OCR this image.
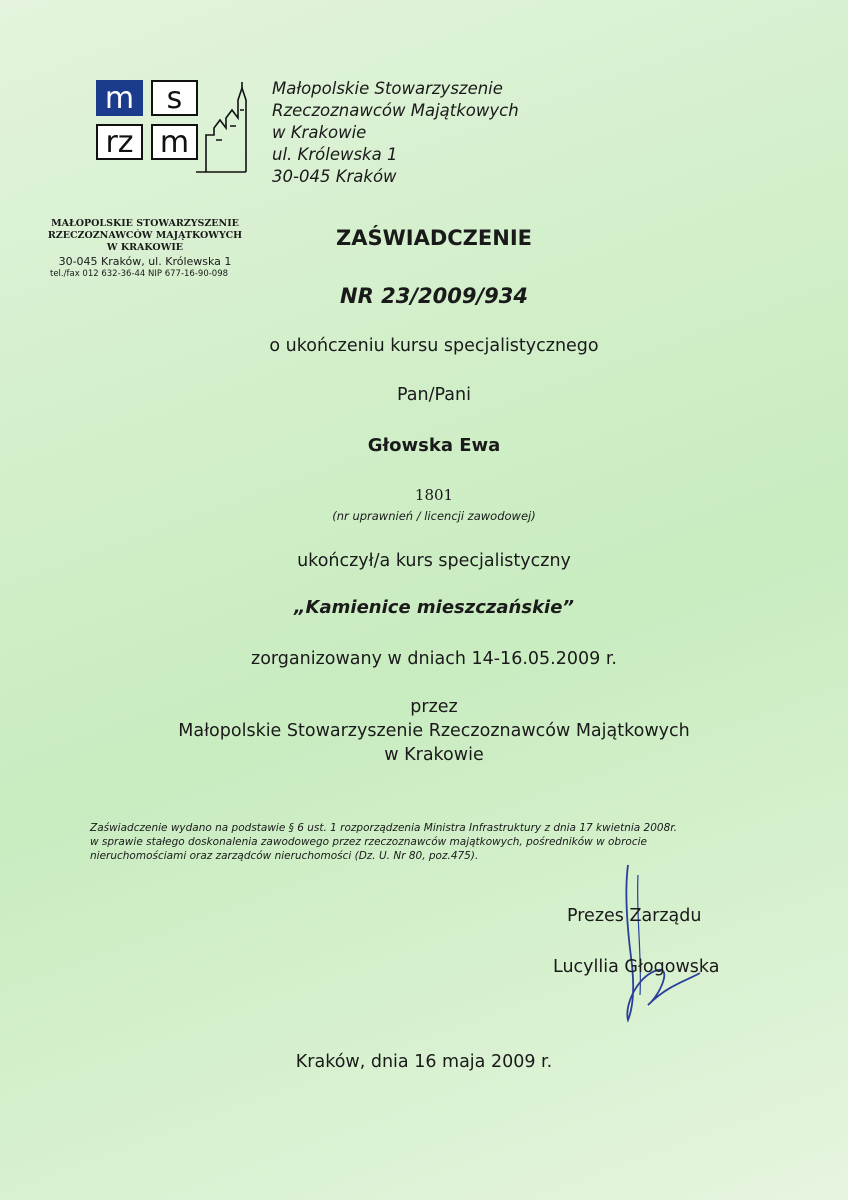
m	s
rz m
Małopolskie Stowarzyszenie
Rzeczoznawców Majątkowych
w Krakowie
ul. Królewska 1
30-045 Kraków
MAŁOPOLSKIE STOWARZYSZENIE
RZECZOZNAWCÓW MAJĄTKOWYCH
W KRAKOWIE
30-045 Kraków, ul. Królewska 1
tel./fax 012 632-36-44 NIP 677-16-90-098
ZAŚWIADCZENIE
NR 23/2009/934
o ukończeniu kursu specjalistycznego
Pan/Pani
Głowska Ewa
1801
(nr uprawnień / licencji zawodowej)
ukończył/a kurs specjalistyczny
„Kamienice mieszczańskie”
zorganizowany w dniach 14-16.05.2009 r.
przez
Małopolskie Stowarzyszenie Rzeczoznawców Majątkowych
w Krakowie
Zaświadczenie wydano na podstawie § 6 ust. 1 rozporządzenia Ministra Infrastruktury z dnia 17 kwietnia 2008r.
w sprawie stałego doskonalenia zawodowego przez rzeczoznawców majątkowych, pośredników w obrocie
nieruchomościami oraz zarządców nieruchomości (Dz. U. Nr 80, poz.475).
Prezes Zarządu
Lucyllia Głogowska
Kraków, dnia 16 maja 2009 r.
